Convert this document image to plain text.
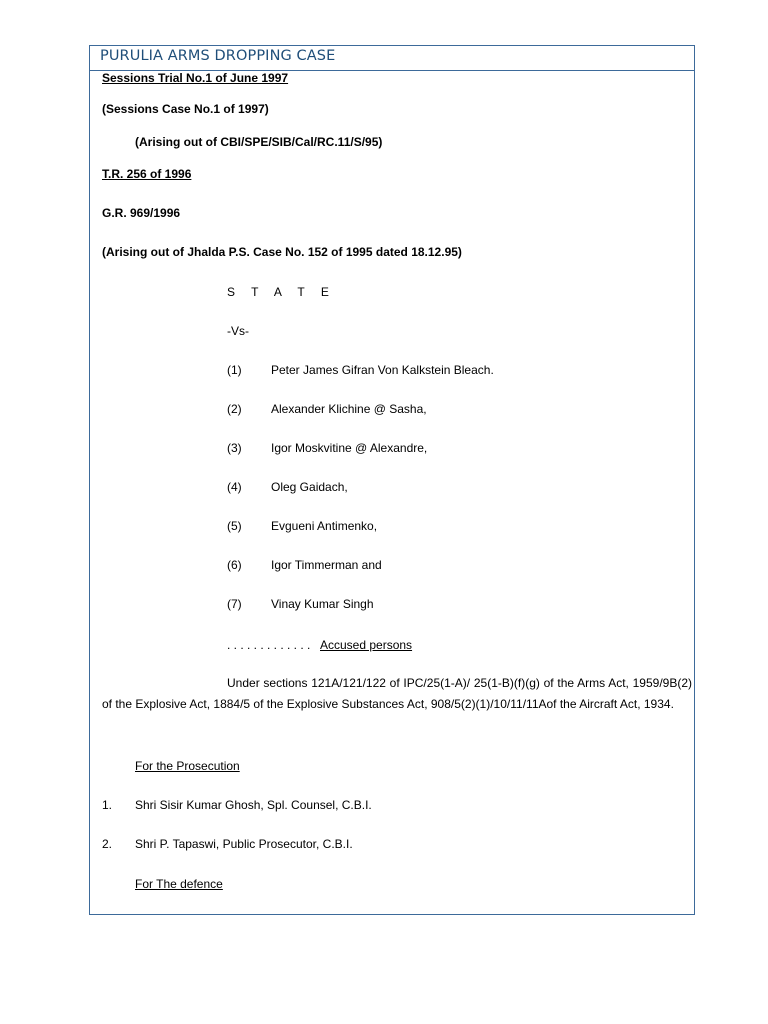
PURULIA ARMS DROPPING CASE
Sessions Trial No.1 of June 1997
(Sessions Case No.1 of 1997)
(Arising out of CBI/SPE/SIB/Cal/RC.11/S/95)
T.R. 256 of 1996
G.R. 969/1996
(Arising out of Jhalda P.S. Case No. 152 of 1995 dated 18.12.95)
S T A T E
-Vs-
(1) Peter James Gifran Von Kalkstein Bleach.
(2) Alexander Klichine @ Sasha,
(3) Igor Moskvitine @ Alexandre,
(4) Oleg Gaidach,
(5) Evgueni Antimenko,
(6) Igor Timmerman and
(7) Vinay Kumar Singh
. . . . . . . . . . . . . Accused persons
Under sections 121A/121/122 of IPC/25(1-A)/ 25(1-B)(f)(g) of the Arms Act, 1959/9B(2) of the Explosive Act, 1884/5 of the Explosive Substances Act, 908/5(2)(1)/10/11/11Aof the Aircraft Act, 1934.
For the Prosecution
1. Shri Sisir Kumar Ghosh, Spl. Counsel, C.B.I.
2. Shri P. Tapaswi, Public Prosecutor, C.B.I.
For The defence
